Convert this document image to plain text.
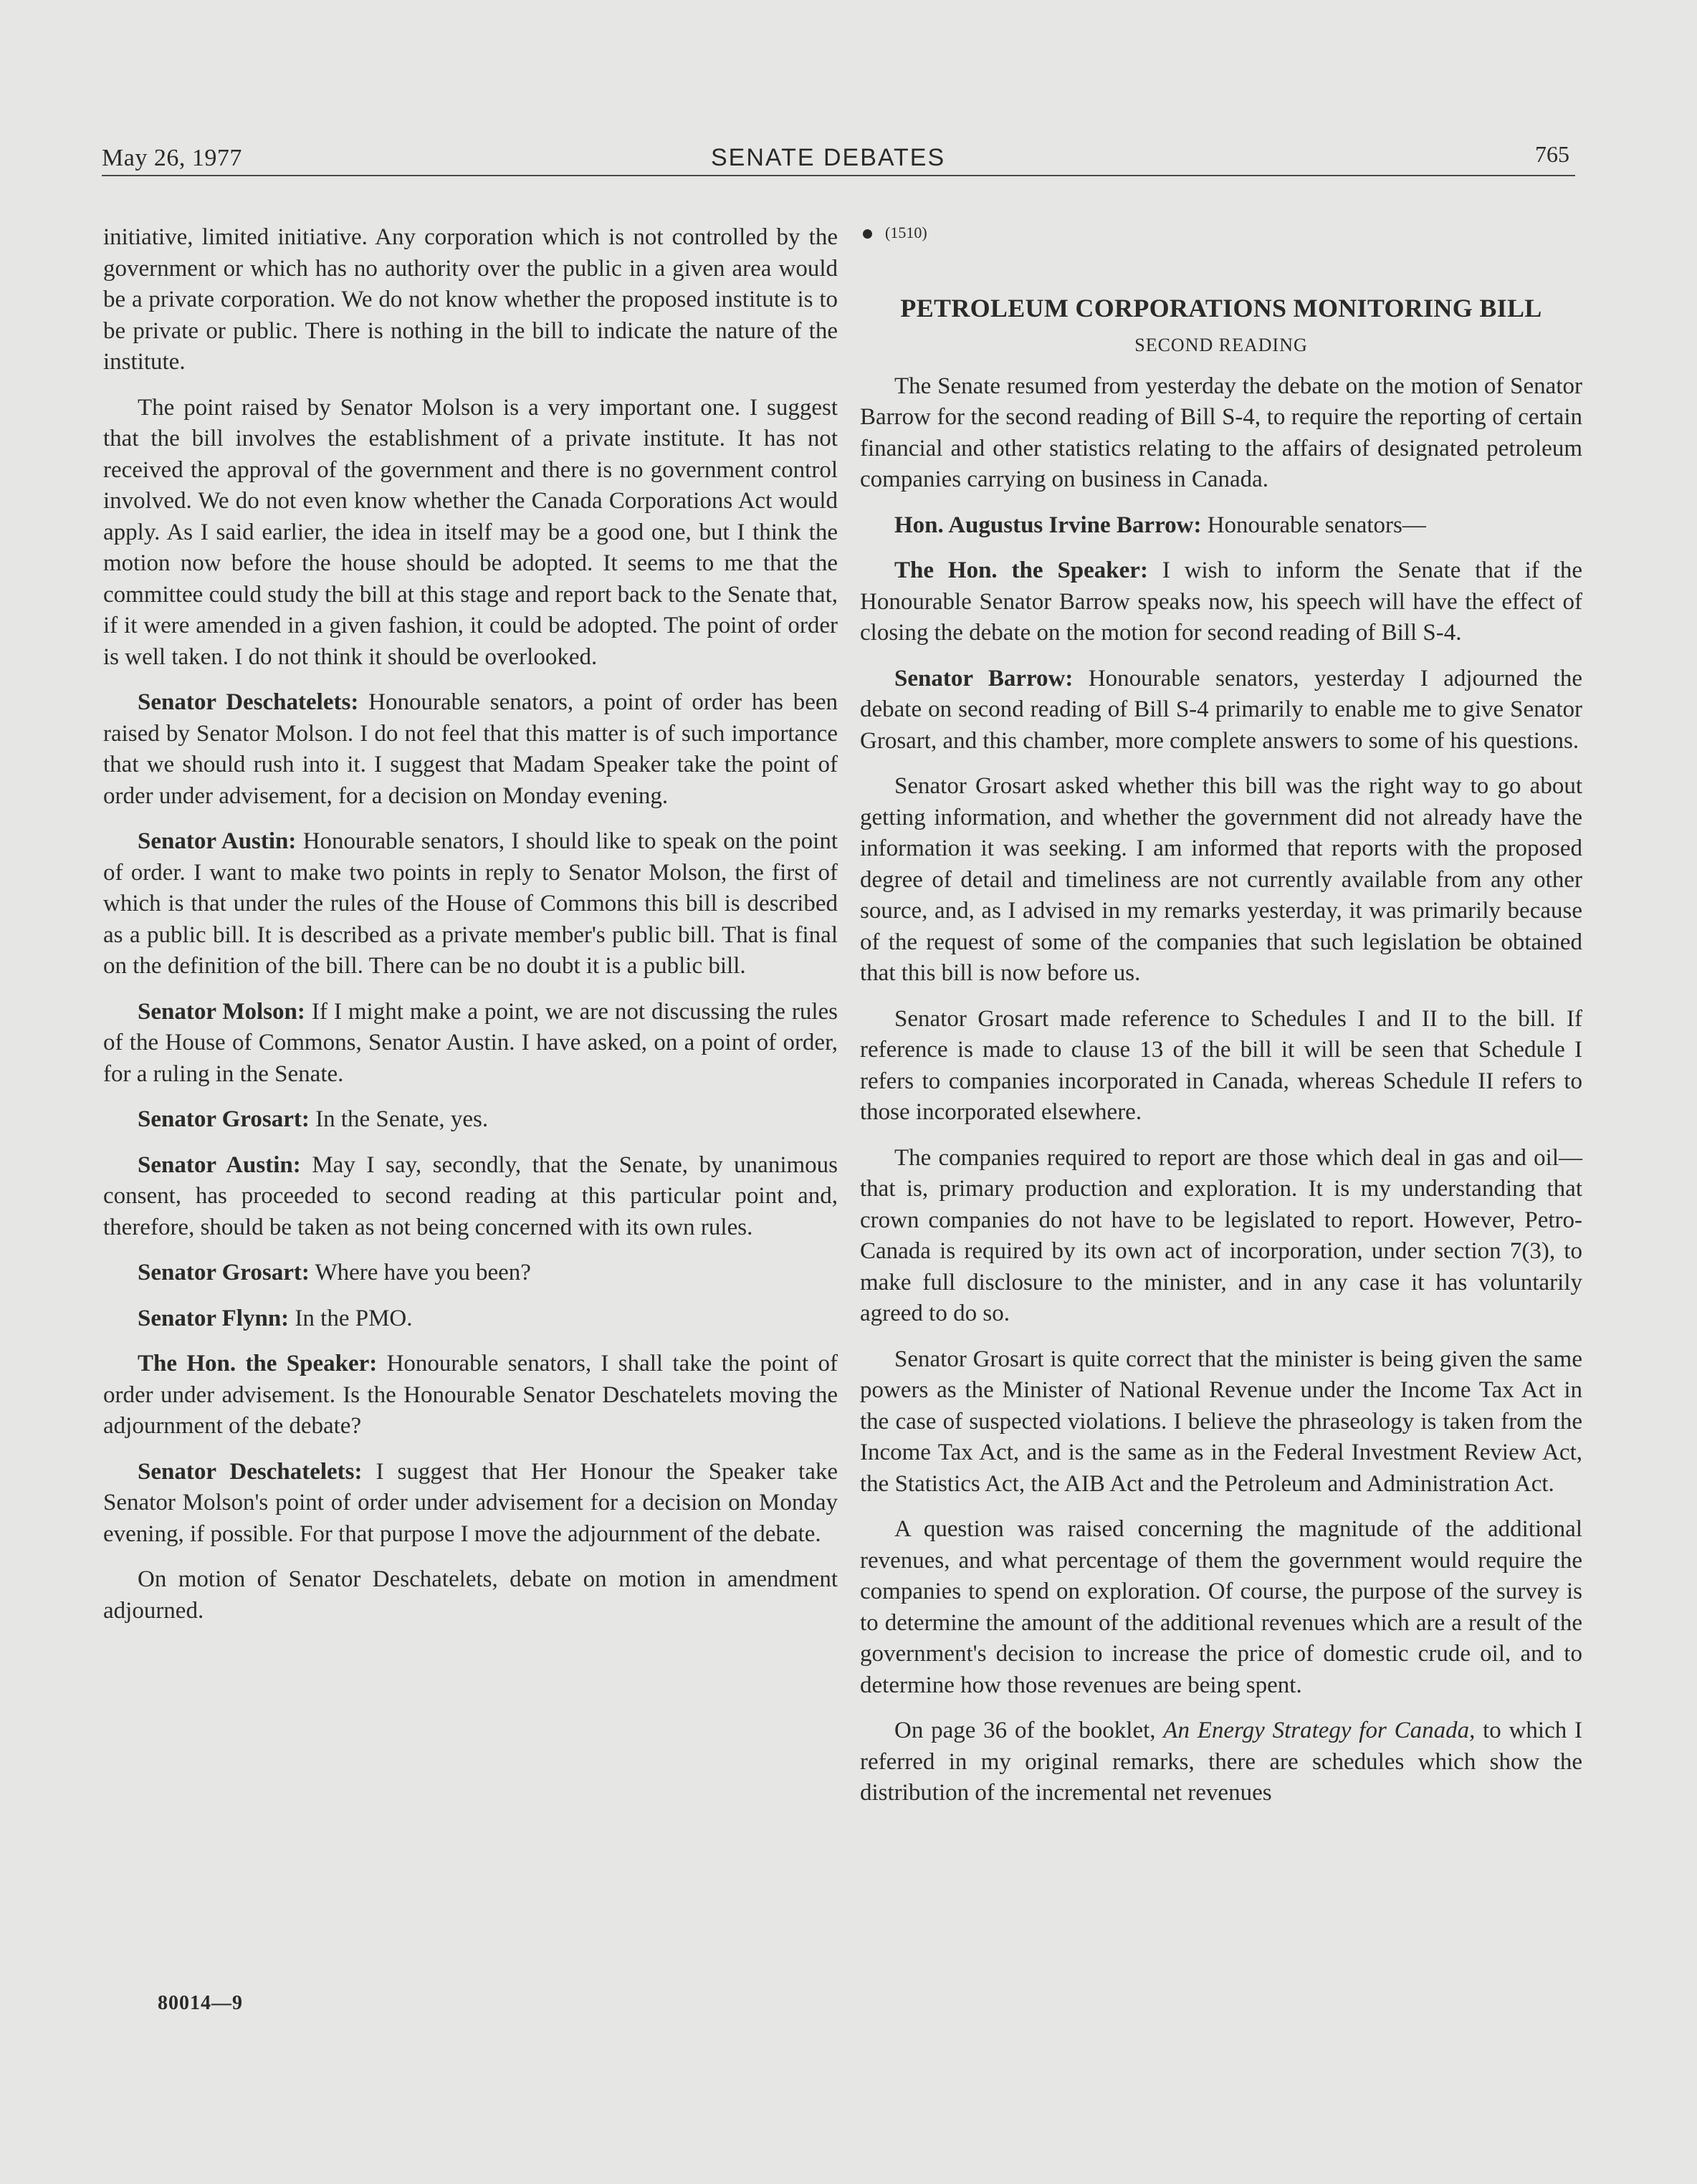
May 26, 1977	SENATE DEBATES	765

initiative, limited initiative. Any corporation which is not controlled by the government or which has no authority over the public in a given area would be a private corporation. We do not know whether the proposed institute is to be private or public. There is nothing in the bill to indicate the nature of the institute.

The point raised by Senator Molson is a very important one. I suggest that the bill involves the establishment of a private institute. It has not received the approval of the government and there is no government control involved. We do not even know whether the Canada Corporations Act would apply. As I said earlier, the idea in itself may be a good one, but I think the motion now before the house should be adopted. It seems to me that the committee could study the bill at this stage and report back to the Senate that, if it were amended in a given fashion, it could be adopted. The point of order is well taken. I do not think it should be overlooked.

Senator Deschatelets: Honourable senators, a point of order has been raised by Senator Molson. I do not feel that this matter is of such importance that we should rush into it. I suggest that Madam Speaker take the point of order under advisement, for a decision on Monday evening.

Senator Austin: Honourable senators, I should like to speak on the point of order. I want to make two points in reply to Senator Molson, the first of which is that under the rules of the House of Commons this bill is described as a public bill. It is described as a private member's public bill. That is final on the definition of the bill. There can be no doubt it is a public bill.

Senator Molson: If I might make a point, we are not discussing the rules of the House of Commons, Senator Austin. I have asked, on a point of order, for a ruling in the Senate.

Senator Grosart: In the Senate, yes.

Senator Austin: May I say, secondly, that the Senate, by unanimous consent, has proceeded to second reading at this particular point and, therefore, should be taken as not being concerned with its own rules.

Senator Grosart: Where have you been?

Senator Flynn: In the PMO.

The Hon. the Speaker: Honourable senators, I shall take the point of order under advisement. Is the Honourable Senator Deschatelets moving the adjournment of the debate?

Senator Deschatelets: I suggest that Her Honour the Speaker take Senator Molson's point of order under advisement for a decision on Monday evening, if possible. For that purpose I move the adjournment of the debate.

On motion of Senator Deschatelets, debate on motion in amendment adjourned.

(1510)
PETROLEUM CORPORATIONS MONITORING BILL
SECOND READING

The Senate resumed from yesterday the debate on the motion of Senator Barrow for the second reading of Bill S-4, to require the reporting of certain financial and other statistics relating to the affairs of designated petroleum companies carrying on business in Canada.

Hon. Augustus Irvine Barrow: Honourable senators—

The Hon. the Speaker: I wish to inform the Senate that if the Honourable Senator Barrow speaks now, his speech will have the effect of closing the debate on the motion for second reading of Bill S-4.

Senator Barrow: Honourable senators, yesterday I adjourned the debate on second reading of Bill S-4 primarily to enable me to give Senator Grosart, and this chamber, more complete answers to some of his questions.

Senator Grosart asked whether this bill was the right way to go about getting information, and whether the government did not already have the information it was seeking. I am informed that reports with the proposed degree of detail and timeliness are not currently available from any other source, and, as I advised in my remarks yesterday, it was primarily because of the request of some of the companies that such legislation be obtained that this bill is now before us.

Senator Grosart made reference to Schedules I and II to the bill. If reference is made to clause 13 of the bill it will be seen that Schedule I refers to companies incorporated in Canada, whereas Schedule II refers to those incorporated elsewhere.

The companies required to report are those which deal in gas and oil—that is, primary production and exploration. It is my understanding that crown companies do not have to be legislated to report. However, Petro-Canada is required by its own act of incorporation, under section 7(3), to make full disclosure to the minister, and in any case it has voluntarily agreed to do so.

Senator Grosart is quite correct that the minister is being given the same powers as the Minister of National Revenue under the Income Tax Act in the case of suspected violations. I believe the phraseology is taken from the Income Tax Act, and is the same as in the Federal Investment Review Act, the Statistics Act, the AIB Act and the Petroleum and Administration Act.

A question was raised concerning the magnitude of the additional revenues, and what percentage of them the government would require the companies to spend on exploration. Of course, the purpose of the survey is to determine the amount of the additional revenues which are a result of the government's decision to increase the price of domestic crude oil, and to determine how those revenues are being spent.

On page 36 of the booklet, An Energy Strategy for Canada, to which I referred in my original remarks, there are schedules which show the distribution of the incremental net revenues

80014—9
